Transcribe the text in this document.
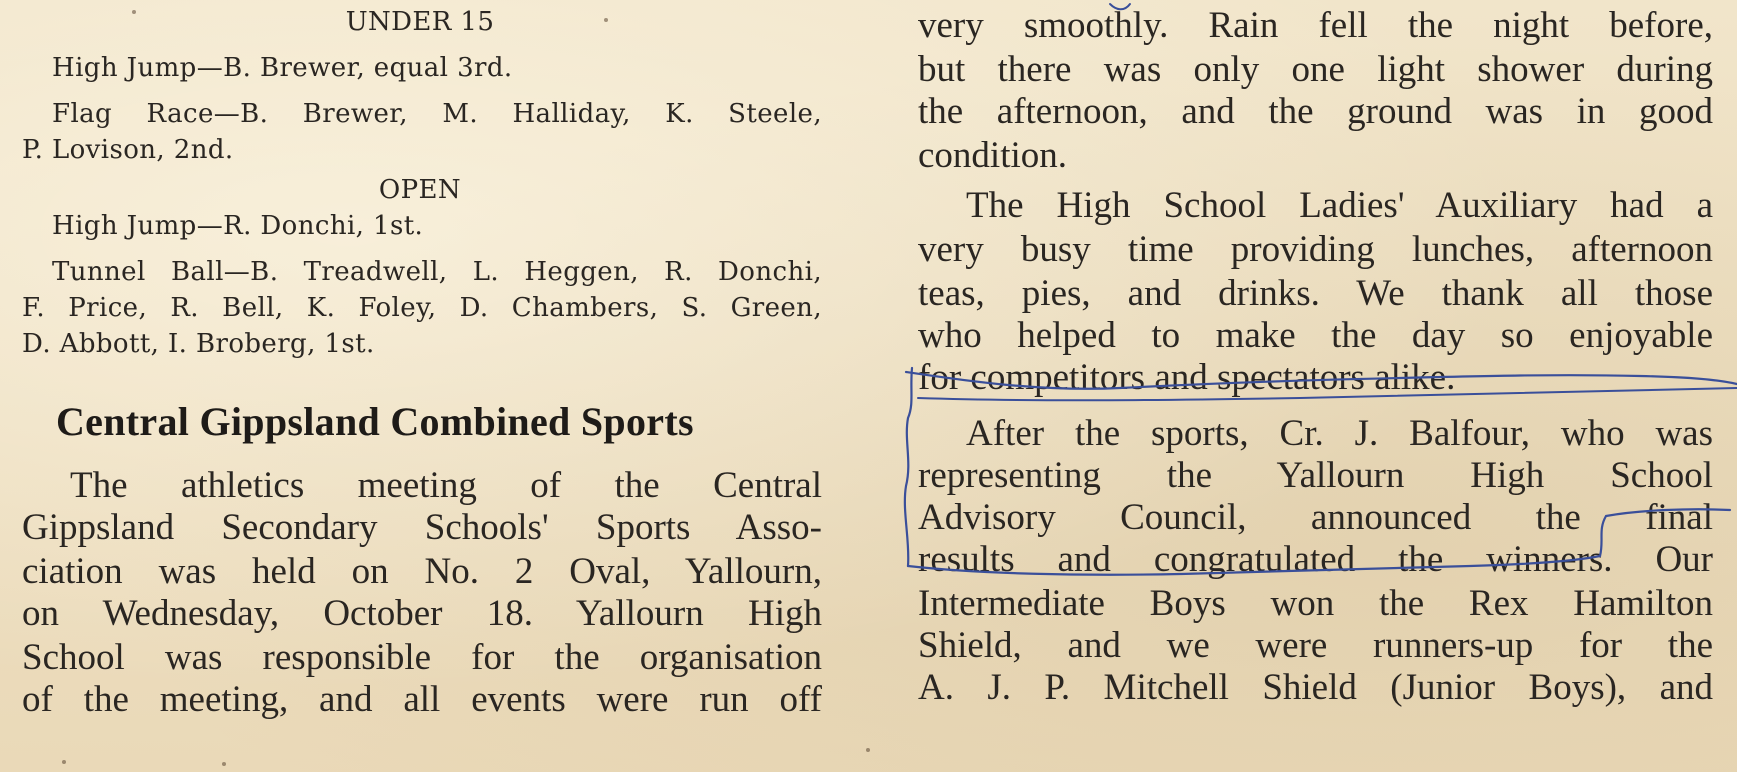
UNDER 15

High Jump—B. Brewer, equal 3rd.

Flag Race—B. Brewer, M. Halliday, K. Steele,

P. Lovison, 2nd.

OPEN

High Jump—R. Donchi, 1st.

Tunnel Ball—B. Treadwell, L. Heggen, R. Donchi,

F. Price, R. Bell, K. Foley, D. Chambers, S. Green,

D. Abbott, I. Broberg, 1st.

Central Gippsland Combined Sports

The athletics meeting of the Central

Gippsland Secondary Schools' Sports Asso-

ciation was held on No. 2 Oval, Yallourn,

on Wednesday, October 18. Yallourn High

School was responsible for the organisation

of the meeting, and all events were run off

very smoothly. Rain fell the night before,

but there was only one light shower during

the afternoon, and the ground was in good

condition.

The High School Ladies' Auxiliary had a

very busy time providing lunches, afternoon

teas, pies, and drinks. We thank all those

who helped to make the day so enjoyable

for competitors and spectators alike.

After the sports, Cr. J. Balfour, who was

representing the Yallourn High School

Advisory Council, announced the final

results and congratulated the winners. Our

Intermediate Boys won the Rex Hamilton

Shield, and we were runners-up for the

A. J. P. Mitchell Shield (Junior Boys), and
